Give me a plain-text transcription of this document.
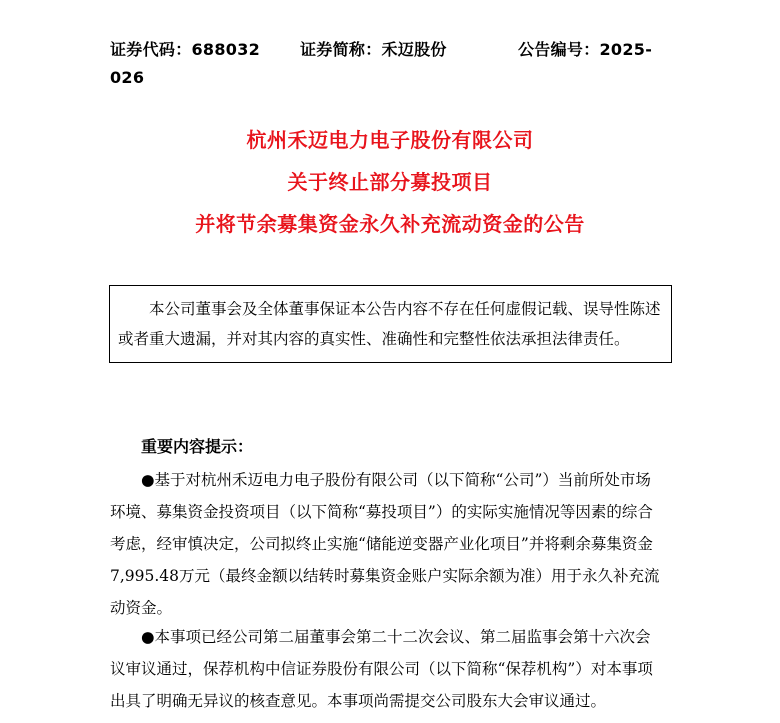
证券代码：688032 证券简称：禾迈股份	公告编号：2025-
026
杭州禾迈电力电子股份有限公司
关于终止部分募投项目
并将节余募集资金永久补充流动资金的公告

本公司董事会及全体董事保证本公告内容不存在任何虚假记载、误导性陈述或者重大遗漏，并对其内容的真实性、准确性和完整性依法承担法律责任。

重要内容提示：

●基于对杭州禾迈电力电子股份有限公司（以下简称“公司”）当前所处市场环境、募集资金投资项目（以下简称“募投项目”）的实际实施情况等因素的综合考虑，经审慎决定，公司拟终止实施“储能逆变器产业化项目”并将剩余募集资金7,995.48万元（最终金额以结转时募集资金账户实际余额为准）用于永久补充流动资金。

●本事项已经公司第二届董事会第二十二次会议、第二届监事会第十六次会议审议通过，保荐机构中信证券股份有限公司（以下简称“保荐机构”）对本事项出具了明确无异议的核查意见。本事项尚需提交公司股东大会审议通过。
